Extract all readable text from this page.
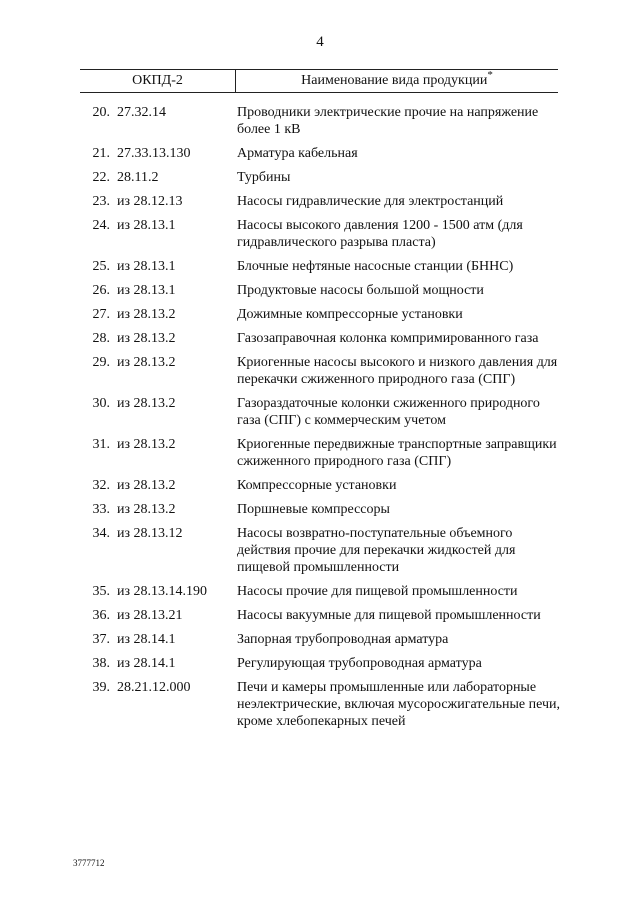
4
ОКПД-2	Наименование вида продукции*
20. 27.32.14	Проводники электрические прочие на напряжение более 1 кВ
21. 27.33.13.130	Арматура кабельная
22. 28.11.2	Турбины
23. из 28.12.13	Насосы гидравлические для электростанций
24. из 28.13.1	Насосы высокого давления 1200 - 1500 атм (для гидравлического разрыва пласта)
25. из 28.13.1	Блочные нефтяные насосные станции (БННС)
26. из 28.13.1	Продуктовые насосы большой мощности
27. из 28.13.2	Дожимные компрессорные установки
28. из 28.13.2	Газозаправочная колонка компримированного газа
29. из 28.13.2	Криогенные насосы высокого и низкого давления для перекачки сжиженного природного газа (СПГ)
30. из 28.13.2	Газораздаточные колонки сжиженного природного газа (СПГ) с коммерческим учетом
31. из 28.13.2	Криогенные передвижные транспортные заправщики сжиженного природного газа (СПГ)
32. из 28.13.2	Компрессорные установки
33. из 28.13.2	Поршневые компрессоры
34. из 28.13.12	Насосы возвратно-поступательные объемного действия прочие для перекачки жидкостей для пищевой промышленности
35. из 28.13.14.190	Насосы прочие для пищевой промышленности
36. из 28.13.21	Насосы вакуумные для пищевой промышленности
37. из 28.14.1	Запорная трубопроводная арматура
38. из 28.14.1	Регулирующая трубопроводная арматура
39. 28.21.12.000	Печи и камеры промышленные или лабораторные неэлектрические, включая мусоросжигательные печи, кроме хлебопекарных печей
3777712
